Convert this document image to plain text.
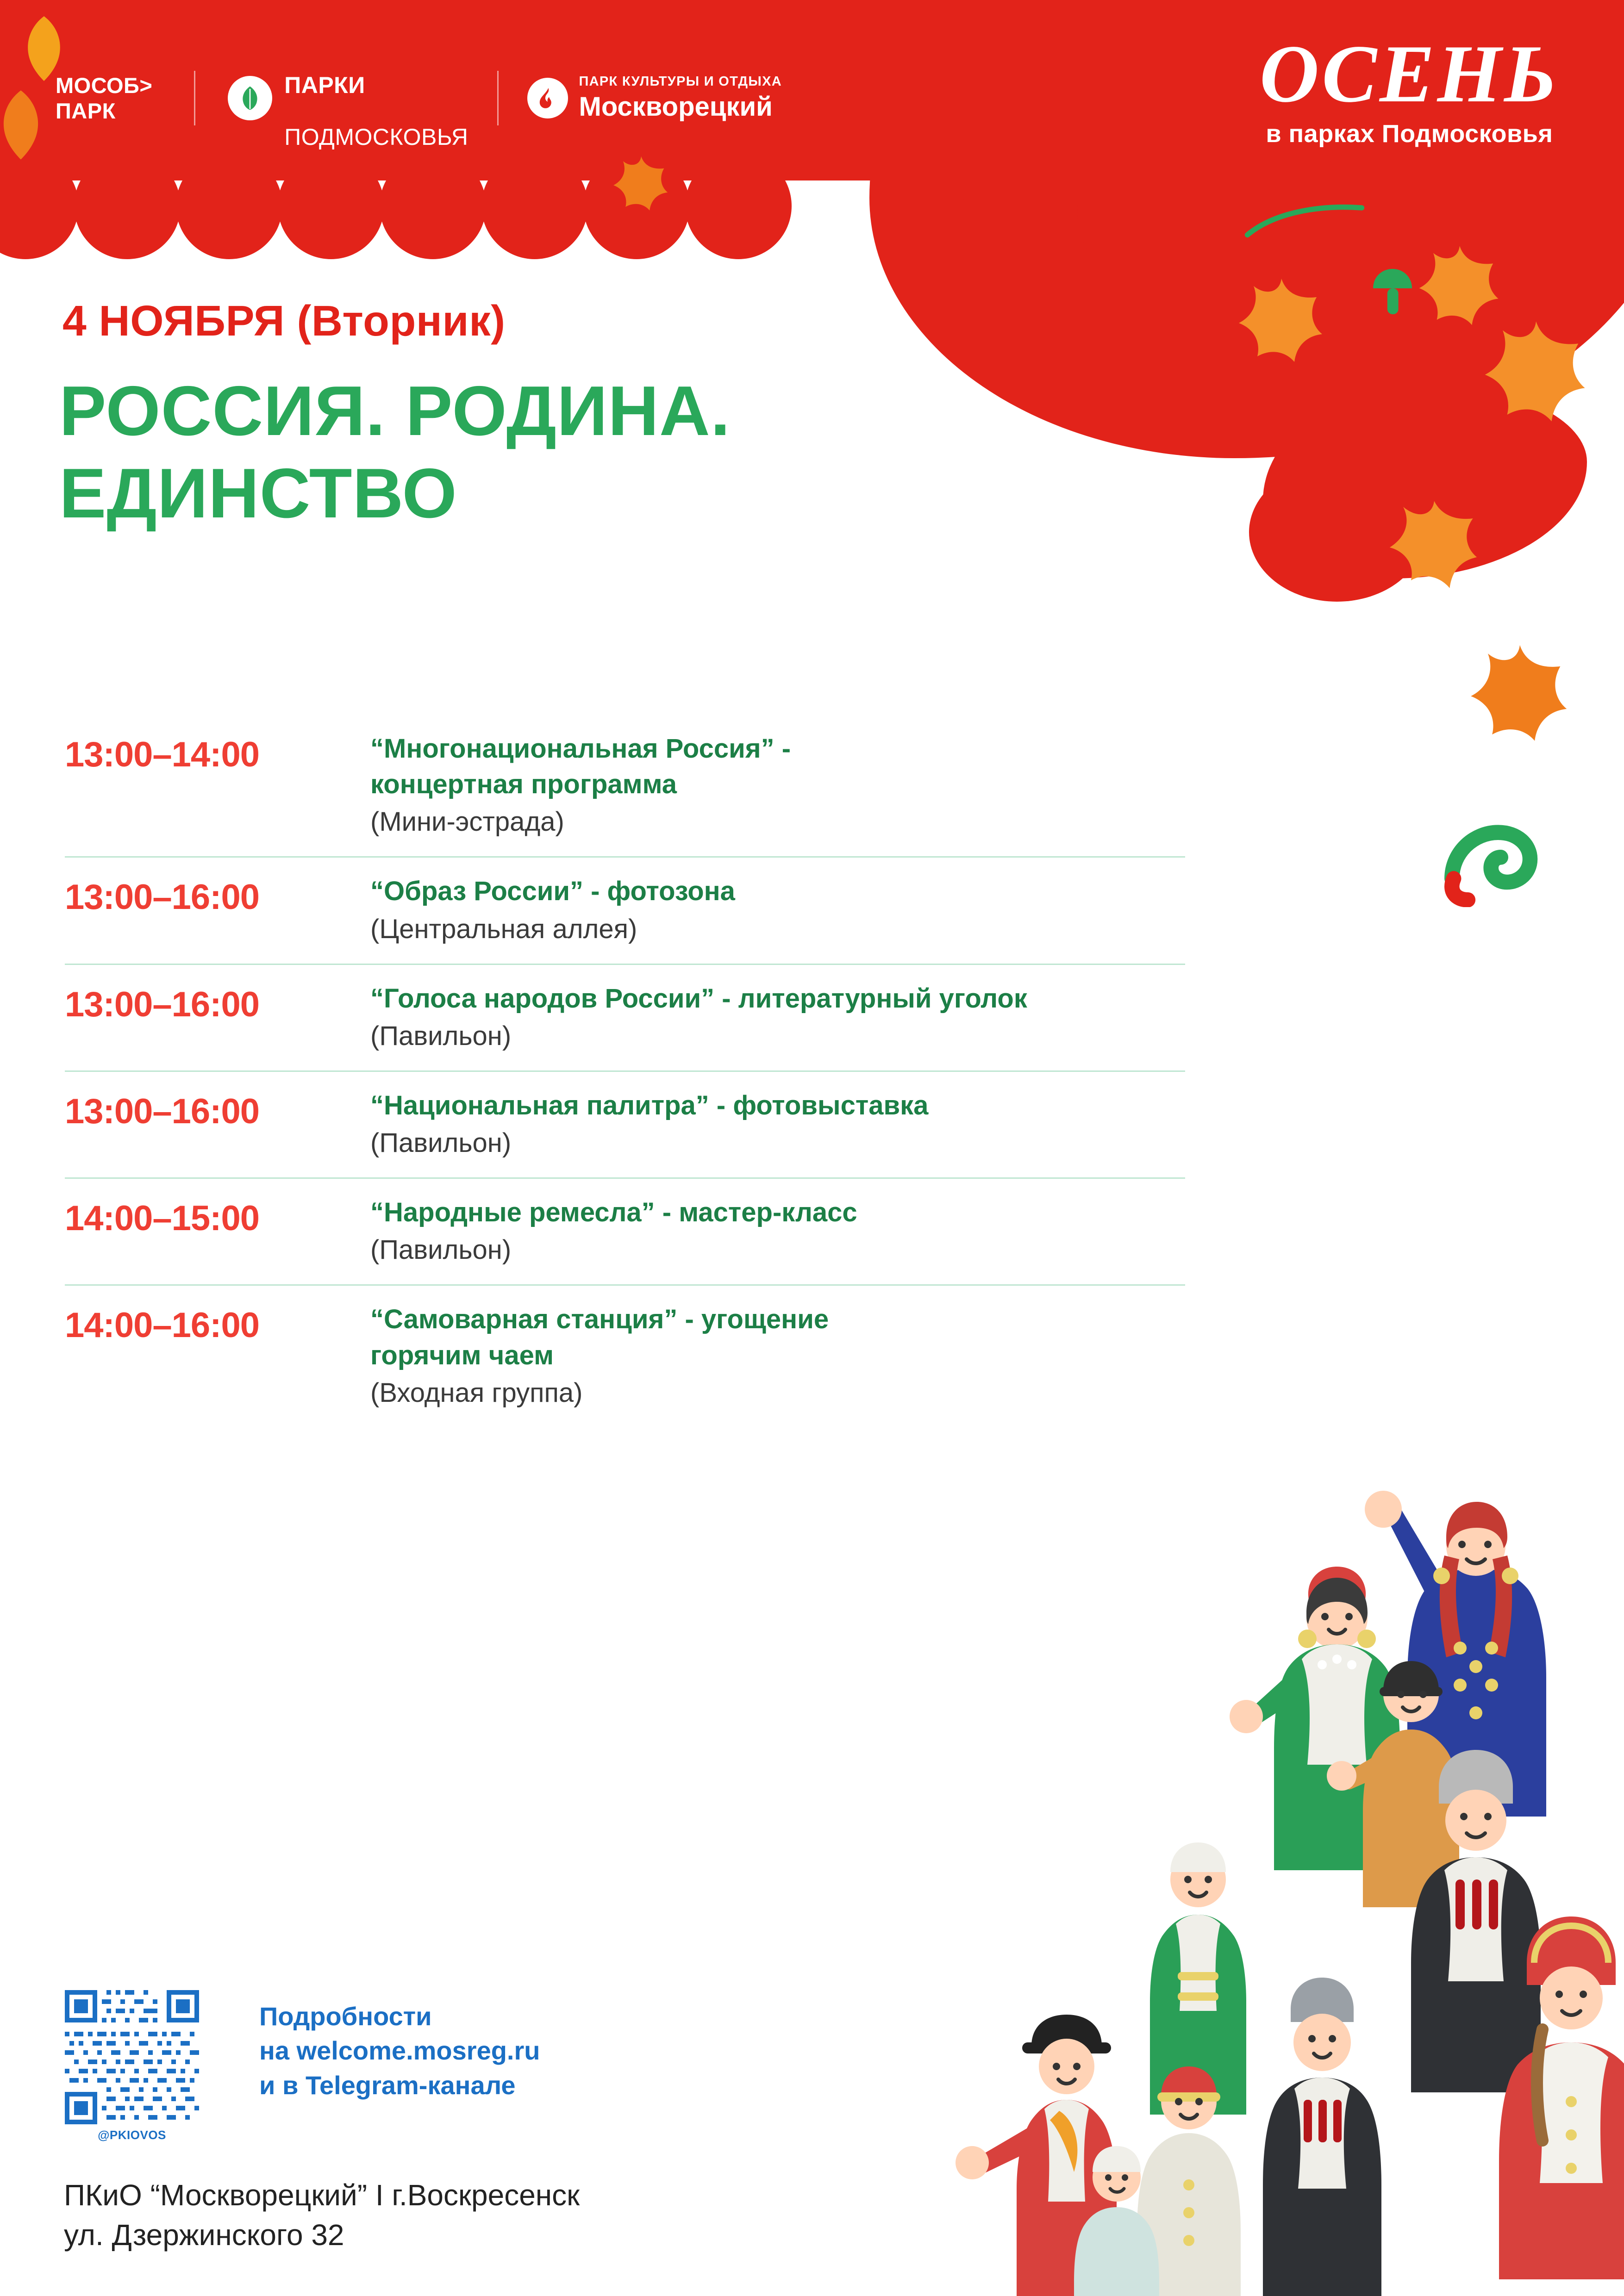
МОСОБ>
ПАРК

ПАРКИ

ПОДМОСКОВЬЯ

ПАРК КУЛЬТУРЫ И ОТДЫХА
Москворецкий	ОСЕНЬ
в парках Подмосковья
4 НОЯБРЯ (Вторник)
РОССИЯ. РОДИНА.
ЕДИНСТВО
13:00–14:00	“Многонациональная Россия” -
концертная программа
(Мини-эстрада)
13:00–16:00	“Образ России” - фотозона
(Центральная аллея)
13:00–16:00	“Голоса народов России” - литературный уголок
(Павильон)
13:00–16:00	“Национальная палитра” - фотовыставка
(Павильон)
14:00–15:00	“Народные ремесла” - мастер-класс
(Павильон)
14:00–16:00	“Самоварная станция” - угощение
горячим чаем
(Входная группа)
@PKIOVOS
Подробности
на welcome.mosreg.ru
и в Telegram-канале
ПКиО “Москворецкий” I г.Воскресенск
ул. Дзержинского 32
